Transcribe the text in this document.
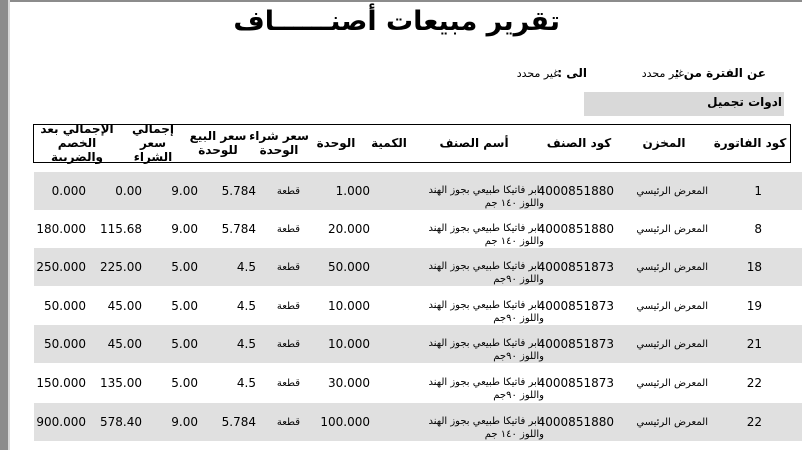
تقرير مبيعات أصنــــــاف
عن الفترة من :
غير محدد
الى :
غير محدد
ادوات تجميل
كود الفاتورة
المخزن
كود الصنف
أسم الصنف
الكمية
الوحدة
سعر شراء
الوحدة
سعر البيع
للوحدة
إجمالي سعر
الشراء
الإجمالي بعد
الخصم والضريبة
1
المعرض الرئيسي
4000851880
دابر فاتيكا طبيعي بجوز الهند
واللوز ١٤٠ جم
1.000
قطعة
5.784
9.00
0.00
0.000
8
المعرض الرئيسي
4000851880
دابر فاتيكا طبيعي بجوز الهند
واللوز ١٤٠ جم
20.000
قطعة
5.784
9.00
115.68
180.000
18
المعرض الرئيسي
4000851873
دابر فاتيكا طبيعي بجوز الهند
واللوز ٩٠جم
50.000
قطعة
4.5
5.00
225.00
250.000
19
المعرض الرئيسي
4000851873
دابر فاتيكا طبيعي بجوز الهند
واللوز ٩٠جم
10.000
قطعة
4.5
5.00
45.00
50.000
21
المعرض الرئيسي
4000851873
دابر فاتيكا طبيعي بجوز الهند
واللوز ٩٠جم
10.000
قطعة
4.5
5.00
45.00
50.000
22
المعرض الرئيسي
4000851873
دابر فاتيكا طبيعي بجوز الهند
واللوز ٩٠جم
30.000
قطعة
4.5
5.00
135.00
150.000
22
المعرض الرئيسي
4000851880
دابر فاتيكا طبيعي بجوز الهند
واللوز ١٤٠ جم
100.000
قطعة
5.784
9.00
578.40
900.000
